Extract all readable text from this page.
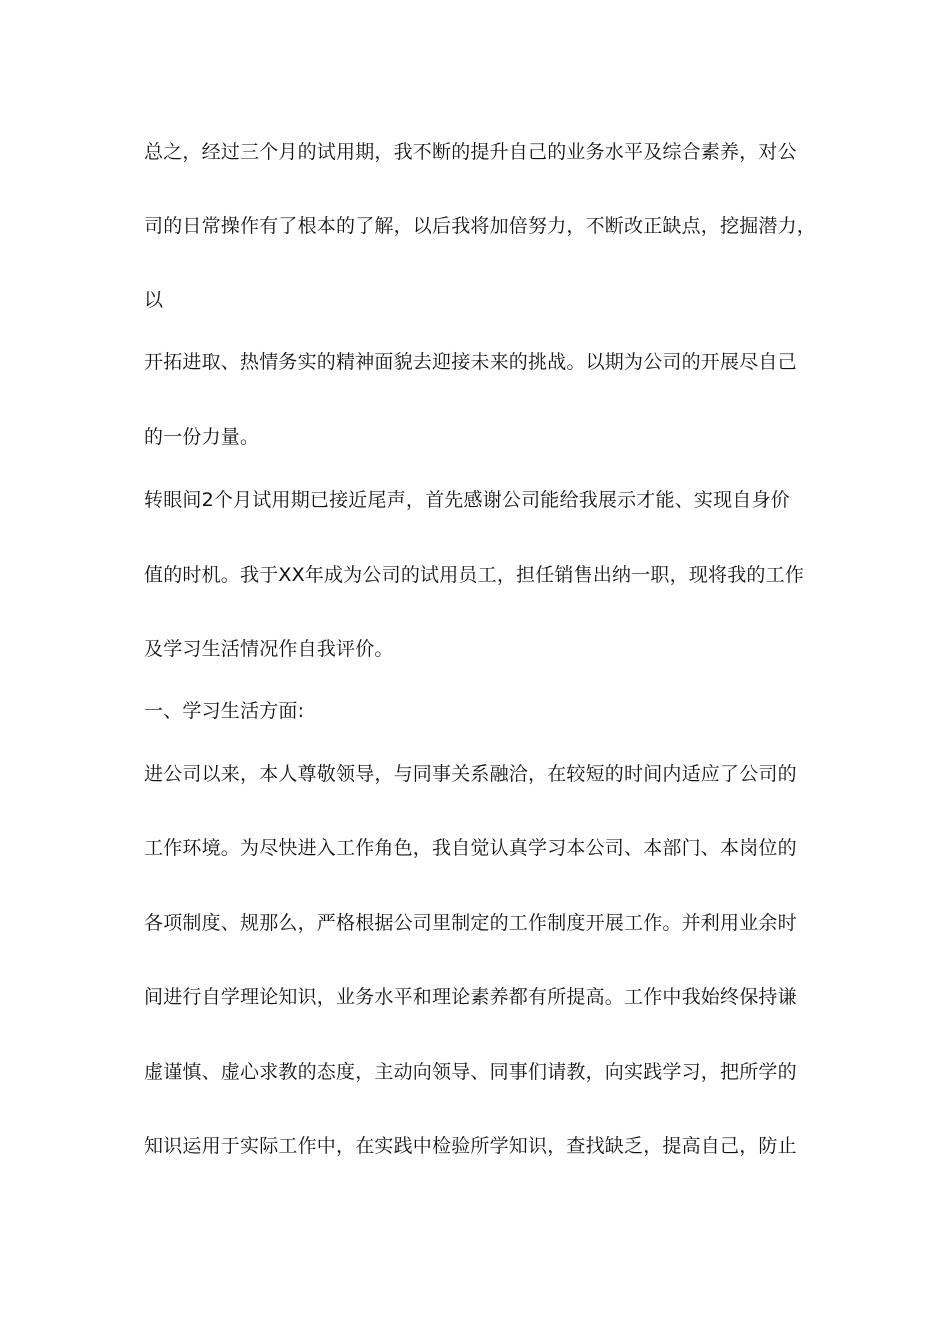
总之，经过三个月的试用期，我不断的提升自己的业务水平及综合素养，对公
司的日常操作有了根本的了解，以后我将加倍努力，不断改正缺点，挖掘潜力，
以
开拓进取、热情务实的精神面貌去迎接未来的挑战。以期为公司的开展尽自己
的一份力量。
转眼间2个月试用期已接近尾声，首先感谢公司能给我展示才能、实现自身价
值的时机。我于XX年成为公司的试用员工，担任销售出纳一职，现将我的工作
及学习生活情况作自我评价。
一、学习生活方面:
进公司以来，本人尊敬领导，与同事关系融洽，在较短的时间内适应了公司的
工作环境。为尽快进入工作角色，我自觉认真学习本公司、本部门、本岗位的
各项制度、规那么，严格根据公司里制定的工作制度开展工作。并利用业余时
间进行自学理论知识，业务水平和理论素养都有所提高。工作中我始终保持谦
虚谨慎、虚心求教的态度，主动向领导、同事们请教，向实践学习，把所学的
知识运用于实际工作中，在实践中检验所学知识，查找缺乏，提高自己，防止
